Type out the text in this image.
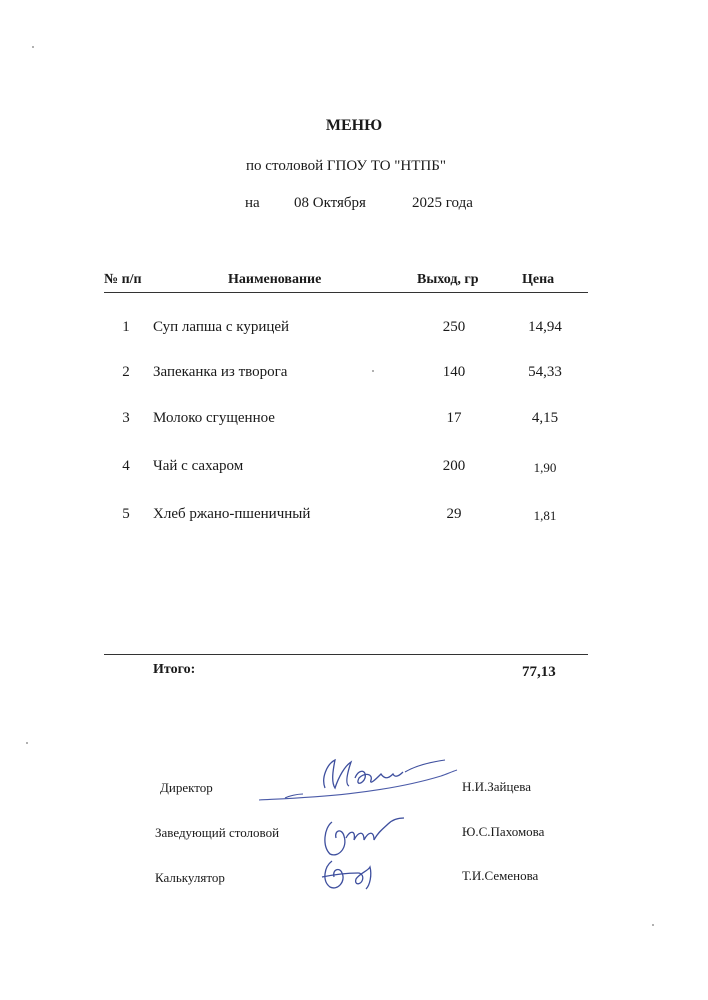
МЕНЮ
по столовой ГПОУ ТО "НТПБ"
на 08 Октября	2025 года
№ п/п	Наименование	Выход, гр	Цена
1 Суп лапша с курицей	250	14,94
2 Запеканка из творога	140	54,33
3 Молоко сгущенное	17	4,15
4 Чай с сахаром	200	1,90
5 Хлеб ржано-пшеничный	29	1,81
Итого:	77,13
Директор	Н.И.Зайцева
Заведующий столовой	Ю.С.Пахомова
Калькулятор	Т.И.Семенова
